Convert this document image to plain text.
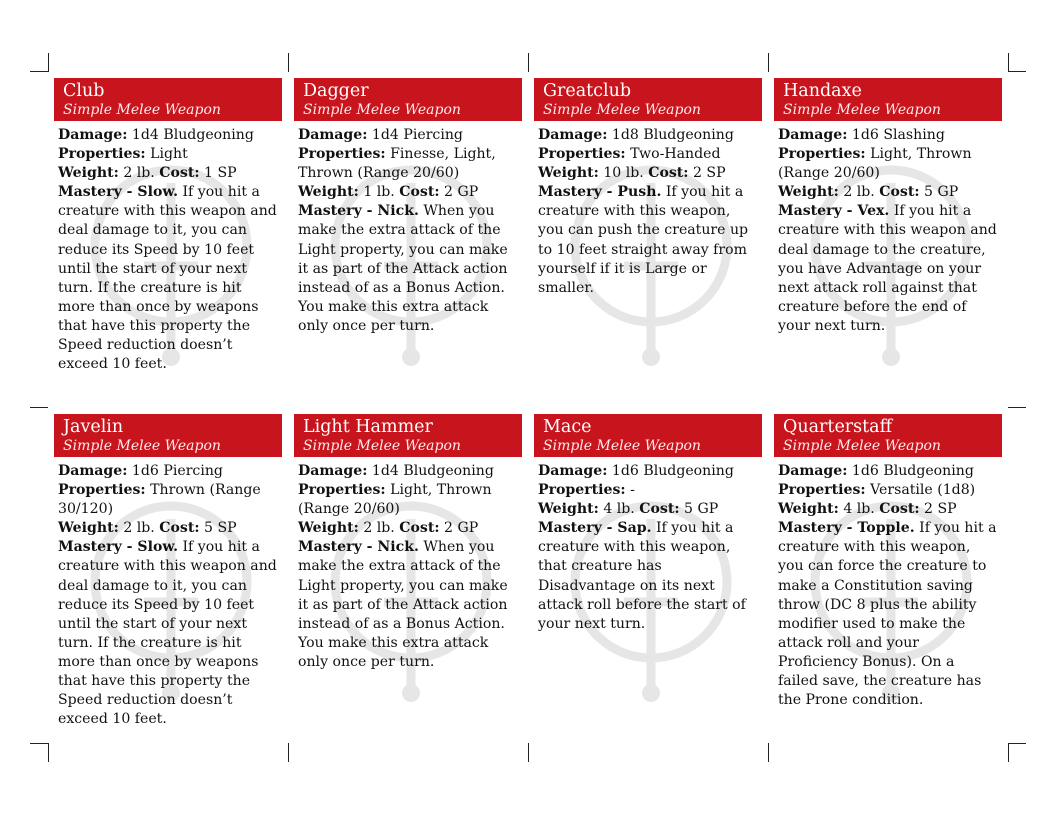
Club
Simple Melee Weapon

Damage: 1d4 Bludgeoning

Properties: Light

Weight: 2 lb. Cost: 1 SP

Mastery - Slow. If you hit a creature with this weapon and deal damage to it, you can reduce its Speed by 10 feet until the start of your next turn. If the creature is hit more than once by weapons that have this property the Speed reduction doesn’t exceed 10 feet.

Dagger
Simple Melee Weapon

Damage: 1d4 Piercing

Properties: Finesse, Light, Thrown (Range 20/60)

Weight: 1 lb. Cost: 2 GP

Mastery - Nick. When you make the extra attack of the Light property, you can make it as part of the Attack action instead of as a Bonus Action. You make this extra attack only once per turn.

Greatclub
Simple Melee Weapon

Damage: 1d8 Bludgeoning

Properties: Two-Handed

Weight: 10 lb. Cost: 2 SP

Mastery - Push. If you hit a creature with this weapon, you can push the creature up to 10 feet straight away from yourself if it is Large or smaller.

Handaxe
Simple Melee Weapon

Damage: 1d6 Slashing

Properties: Light, Thrown (Range 20/60)

Weight: 2 lb. Cost: 5 GP

Mastery - Vex. If you hit a creature with this weapon and deal damage to the creature, you have Advantage on your next attack roll against that creature before the end of your next turn.

Javelin
Simple Melee Weapon

Damage: 1d6 Piercing

Properties: Thrown (Range 30/120)

Weight: 2 lb. Cost: 5 SP

Mastery - Slow. If you hit a creature with this weapon and deal damage to it, you can reduce its Speed by 10 feet until the start of your next turn. If the creature is hit more than once by weapons that have this property the Speed reduction doesn’t exceed 10 feet.

Light Hammer
Simple Melee Weapon

Damage: 1d4 Bludgeoning

Properties: Light, Thrown (Range 20/60)

Weight: 2 lb. Cost: 2 GP

Mastery - Nick. When you make the extra attack of the Light property, you can make it as part of the Attack action instead of as a Bonus Action. You make this extra attack only once per turn.

Mace
Simple Melee Weapon

Damage: 1d6 Bludgeoning

Properties: -

Weight: 4 lb. Cost: 5 GP

Mastery - Sap. If you hit a creature with this weapon, that creature has Disadvantage on its next attack roll before the start of your next turn.

Quarterstaff
Simple Melee Weapon

Damage: 1d6 Bludgeoning

Properties: Versatile (1d8)

Weight: 4 lb. Cost: 2 SP

Mastery - Topple. If you hit a creature with this weapon, you can force the creature to make a Constitution saving throw (DC 8 plus the ability modifier used to make the attack roll and your Proficiency Bonus). On a failed save, the creature has the Prone condition.
